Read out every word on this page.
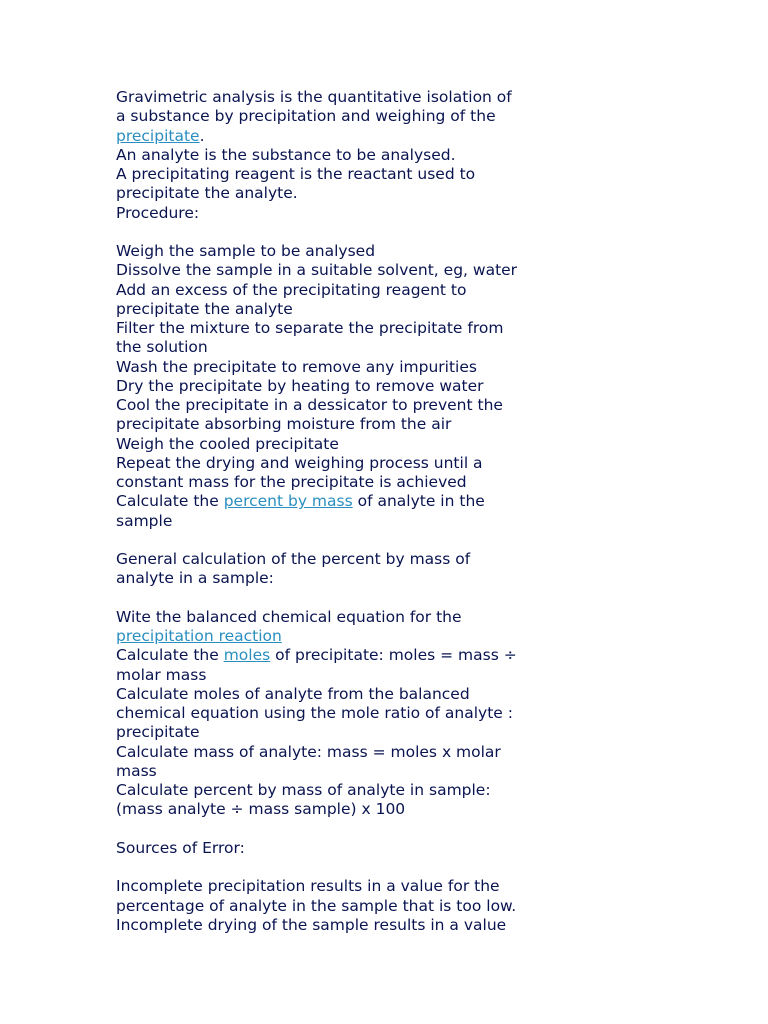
Gravimetric analysis is the quantitative isolation of
a substance by precipitation and weighing of the
precipitate.
An analyte is the substance to be analysed.
A precipitating reagent is the reactant used to
precipitate the analyte.
Procedure:
Weigh the sample to be analysed
Dissolve the sample in a suitable solvent, eg, water
Add an excess of the precipitating reagent to
precipitate the analyte
Filter the mixture to separate the precipitate from
the solution
Wash the precipitate to remove any impurities
Dry the precipitate by heating to remove water
Cool the precipitate in a dessicator to prevent the
precipitate absorbing moisture from the air
Weigh the cooled precipitate
Repeat the drying and weighing process until a
constant mass for the precipitate is achieved
Calculate the percent by mass of analyte in the
sample
General calculation of the percent by mass of
analyte in a sample:
Wite the balanced chemical equation for the
precipitation reaction
Calculate the moles of precipitate: moles = mass ÷
molar mass
Calculate moles of analyte from the balanced
chemical equation using the mole ratio of analyte :
precipitate
Calculate mass of analyte: mass = moles x molar
mass
Calculate percent by mass of analyte in sample:
(mass analyte ÷ mass sample) x 100
Sources of Error:
Incomplete precipitation results in a value for the
percentage of analyte in the sample that is too low.
Incomplete drying of the sample results in a value
